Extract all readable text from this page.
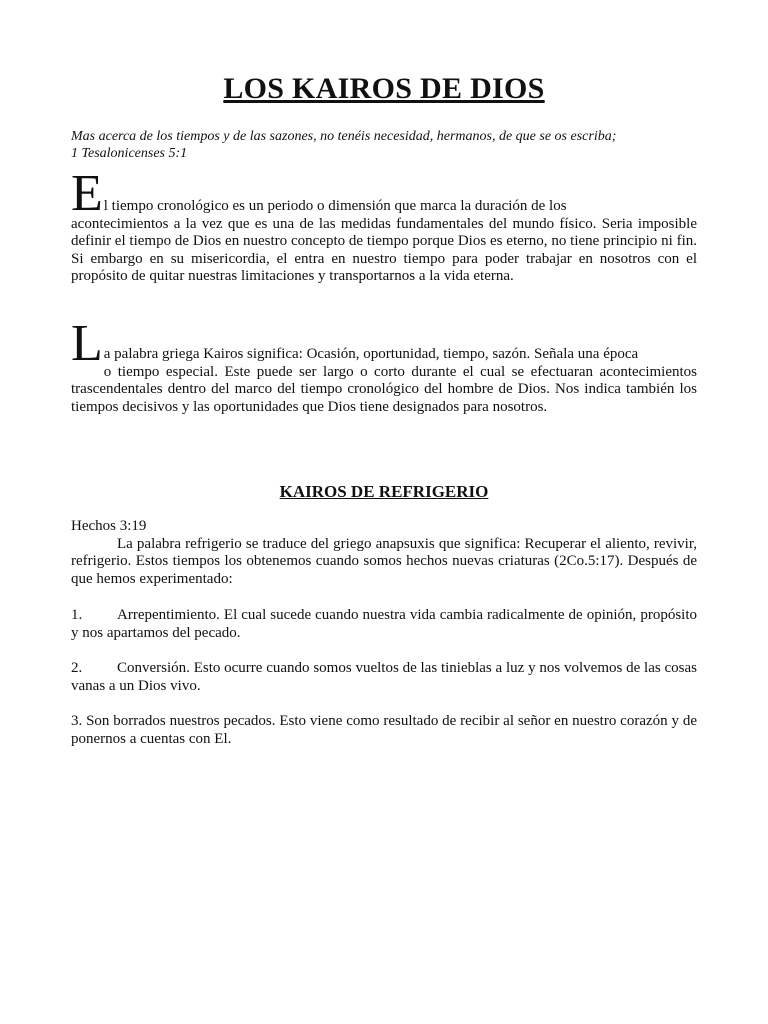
LOS KAIROS DE DIOS
Mas acerca de los tiempos y de las sazones, no tenéis necesidad, hermanos, de que se os escriba;
1 Tesalonicenses 5:1
E l tiempo cronológico es un periodo o dimensión que marca la duración de los
acontecimientos a la vez que es una de las medidas fundamentales del mundo físico. Seria imposible definir el tiempo de Dios en nuestro concepto de tiempo porque Dios es eterno, no tiene principio ni fin. Si embargo en su misericordia, el entra en nuestro tiempo para poder trabajar en nosotros con el propósito de quitar nuestras limitaciones y transportarnos a la vida eterna.
L a palabra griega Kairos significa: Ocasión, oportunidad, tiempo, sazón. Señala una época
o tiempo especial. Este puede ser largo o corto durante el cual se efectuaran acontecimientos trascendentales dentro del marco del tiempo cronológico del hombre de Dios. Nos indica también los tiempos decisivos y las oportunidades que Dios tiene designados para nosotros.
KAIROS DE REFRIGERIO
Hechos 3:19
La palabra refrigerio se traduce del griego anapsuxis que significa: Recuperar el aliento, revivir, refrigerio. Estos tiempos los obtenemos cuando somos hechos nuevas criaturas (2Co.5:17). Después de que hemos experimentado:
1. Arrepentimiento. El cual sucede cuando nuestra vida cambia radicalmente de opinión, propósito y nos apartamos del pecado.
2. Conversión. Esto ocurre cuando somos vueltos de las tinieblas a luz y nos volvemos de las cosas vanas a un Dios vivo.
3. Son borrados nuestros pecados. Esto viene como resultado de recibir al señor en nuestro corazón y de ponernos a cuentas con El.
